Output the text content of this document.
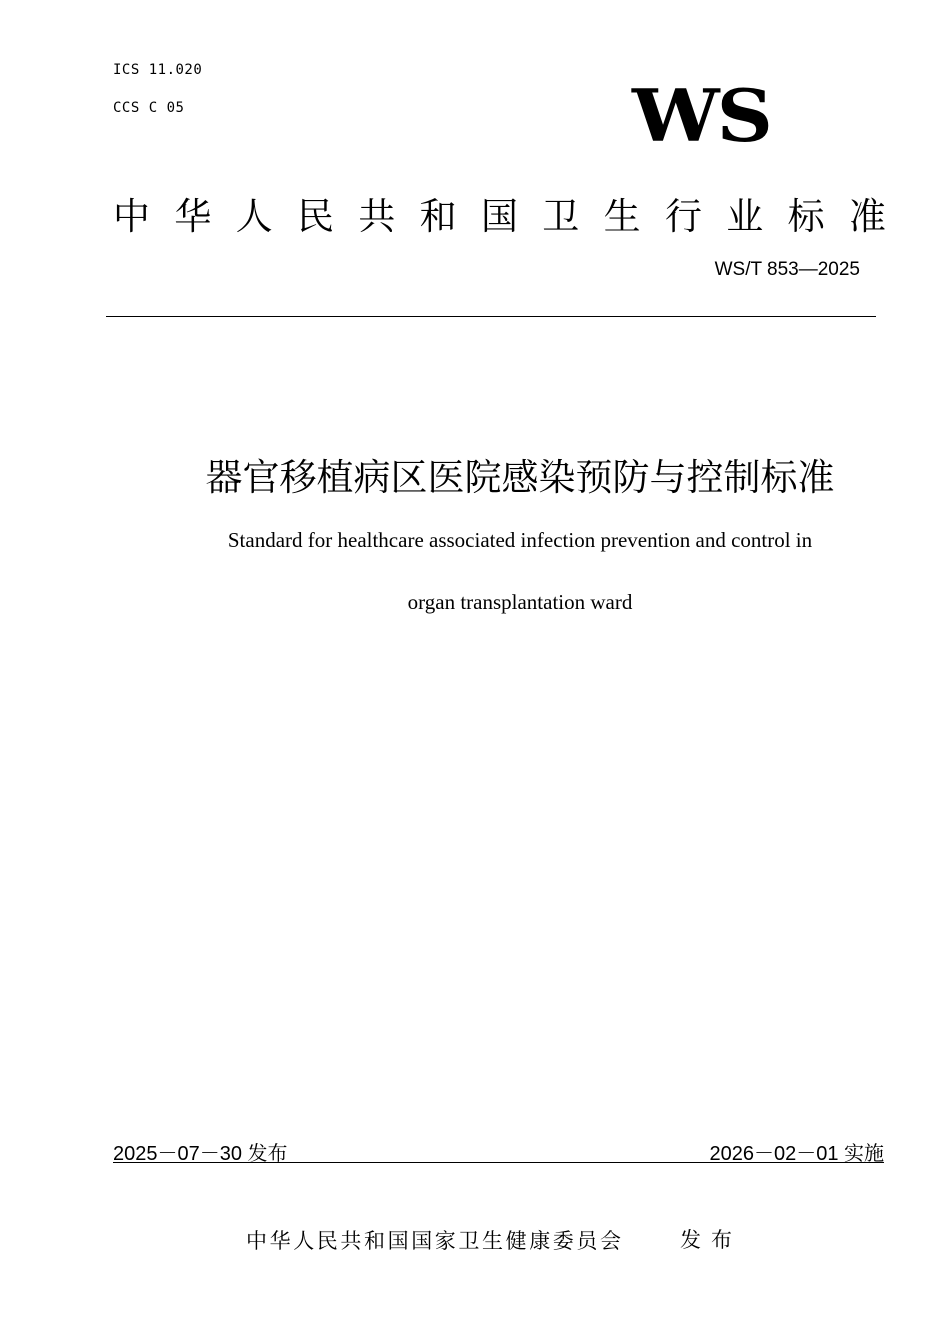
ICS 11.020
CCS C 05	WS
中 华 人 民 共 和 国 卫 生 行 业 标 准
WS/T 853—2025
器官移植病区医院感染预防与控制标准
Standard for healthcare associated infection prevention and control in
organ transplantation ward
2025－07－30 发布	2026－02－01 实施
中华人民共和国国家卫生健康委员会	发布
